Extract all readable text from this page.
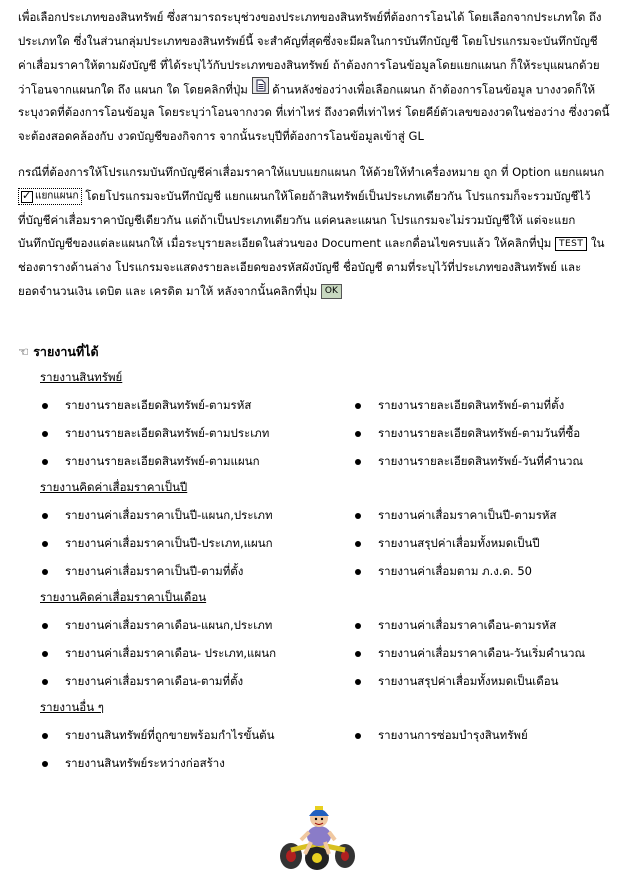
เพื่อเลือกประเภทของสินทรัพย์ ซึ่งสามารถระบุช่วงของประเภทของสินทรัพย์ที่ต้องการโอนได้ โดยเลือกจากประเภทใด ถึง
ประเภทใด ซึ่งในส่วนกลุ่มประเภทของสินทรัพย์นี้ จะสำคัญที่สุดซึ่งจะมีผลในการบันทึกบัญชี โดยโปรแกรมจะบันทึกบัญชี
ค่าเสื่อมราคาให้ตามผังบัญชี ที่ได้ระบุไว้กับประเภทของสินทรัพย์ ถ้าต้องการโอนข้อมูลโดยแยกแผนก ก็ให้ระบุแผนกด้วย
ว่าโอนจากแผนกใด ถึง แผนก ใด โดยคลิกที่ปุ่ม  ด้านหลังช่องว่างเพื่อเลือกแผนก ถ้าต้องการโอนข้อมูล บางงวดก็ให้
ระบุงวดที่ต้องการโอนข้อมูล โดยระบุว่าโอนจากงวด ที่เท่าไหร่ ถึงงวดที่เท่าไหร่ โดยคีย์ตัวเลขของงวดในช่องว่าง ซึ่งงวดนี้
จะต้องสอดคล้องกับ งวดบัญชีของกิจการ จากนั้นระบุปีที่ต้องการโอนข้อมูลเข้าสู่ GL
กรณีที่ต้องการให้โปรแกรมบันทึกบัญชีค่าเสื่อมราคาให้แบบแยกแผนก ให้ด้วยให้ทำเครื่องหมาย ถูก ที่ Option แยกแผนก
✓แยกแผนก โดยโปรแกรมจะบันทึกบัญชี แยกแผนกให้โดยถ้าสินทรัพย์เป็นประเภทเดียวกัน โปรแกรมก็จะรวมบัญชีไว้
ที่บัญชีค่าเสื่อมราคาบัญชีเดียวกัน แต่ถ้าเป็นประเภทเดียวกัน แต่คนละแผนก โปรแกรมจะไม่รวมบัญชีให้ แต่จะแยก
บันทึกบัญชีของแต่ละแผนกให้ เมื่อระบุรายละเอียดในส่วนของ Document และกดื่อนไขครบแล้ว ให้คลิกที่ปุ่ม TEST ใน
ช่องตารางด้านล่าง โปรแกรมจะแสดงรายละเอียดของรหัสผังบัญชี ชื่อบัญชี ตามที่ระบุไว้ที่ประเภทของสินทรัพย์ และ
ยอดจำนวนเงิน เดบิต และ เครดิต มาให้ หลังจากนั้นคลิกที่ปุ่ม OK
☜ รายงานที่ได้
รายงานสินทรัพย์
รายงานรายละเอียดสินทรัพย์-ตามรหัส
รายงานรายละเอียดสินทรัพย์-ตามประเภท
รายงานรายละเอียดสินทรัพย์-ตามแผนก
รายงานรายละเอียดสินทรัพย์-ตามที่ตั้ง
รายงานรายละเอียดสินทรัพย์-ตามวันที่ซื้อ
รายงานรายละเอียดสินทรัพย์-วันที่คำนวณ
รายงานคิดค่าเสื่อมราคาเป็นปี
รายงานค่าเสื่อมราคาเป็นปี-แผนก,ประเภท
รายงานค่าเสื่อมราคาเป็นปี-ประเภท,แผนก
รายงานค่าเสื่อมราคาเป็นปี-ตามที่ตั้ง
รายงานค่าเสื่อมราคาเป็นปี-ตามรหัส
รายงานสรุปค่าเสื่อมทั้งหมดเป็นปี
รายงานค่าเสื่อมตาม ภ.ง.ด. 50
รายงานคิดค่าเสื่อมราคาเป็นเดือน
รายงานค่าเสื่อมราคาเดือน-แผนก,ประเภท
รายงานค่าเสื่อมราคาเดือน- ประเภท,แผนก
รายงานค่าเสื่อมราคาเดือน-ตามที่ตั้ง
รายงานค่าเสื่อมราคาเดือน-ตามรหัส
รายงานค่าเสื่อมราคาเดือน-วันเริ่มคำนวณ
รายงานสรุปค่าเสื่อมทั้งหมดเป็นเดือน
รายงานอื่น ๆ
รายงานสินทรัพย์ที่ถูกขายพร้อมกำไรขั้นต้น
รายงานสินทรัพย์ระหว่างก่อสร้าง
รายงานการซ่อมบำรุงสินทรัพย์
